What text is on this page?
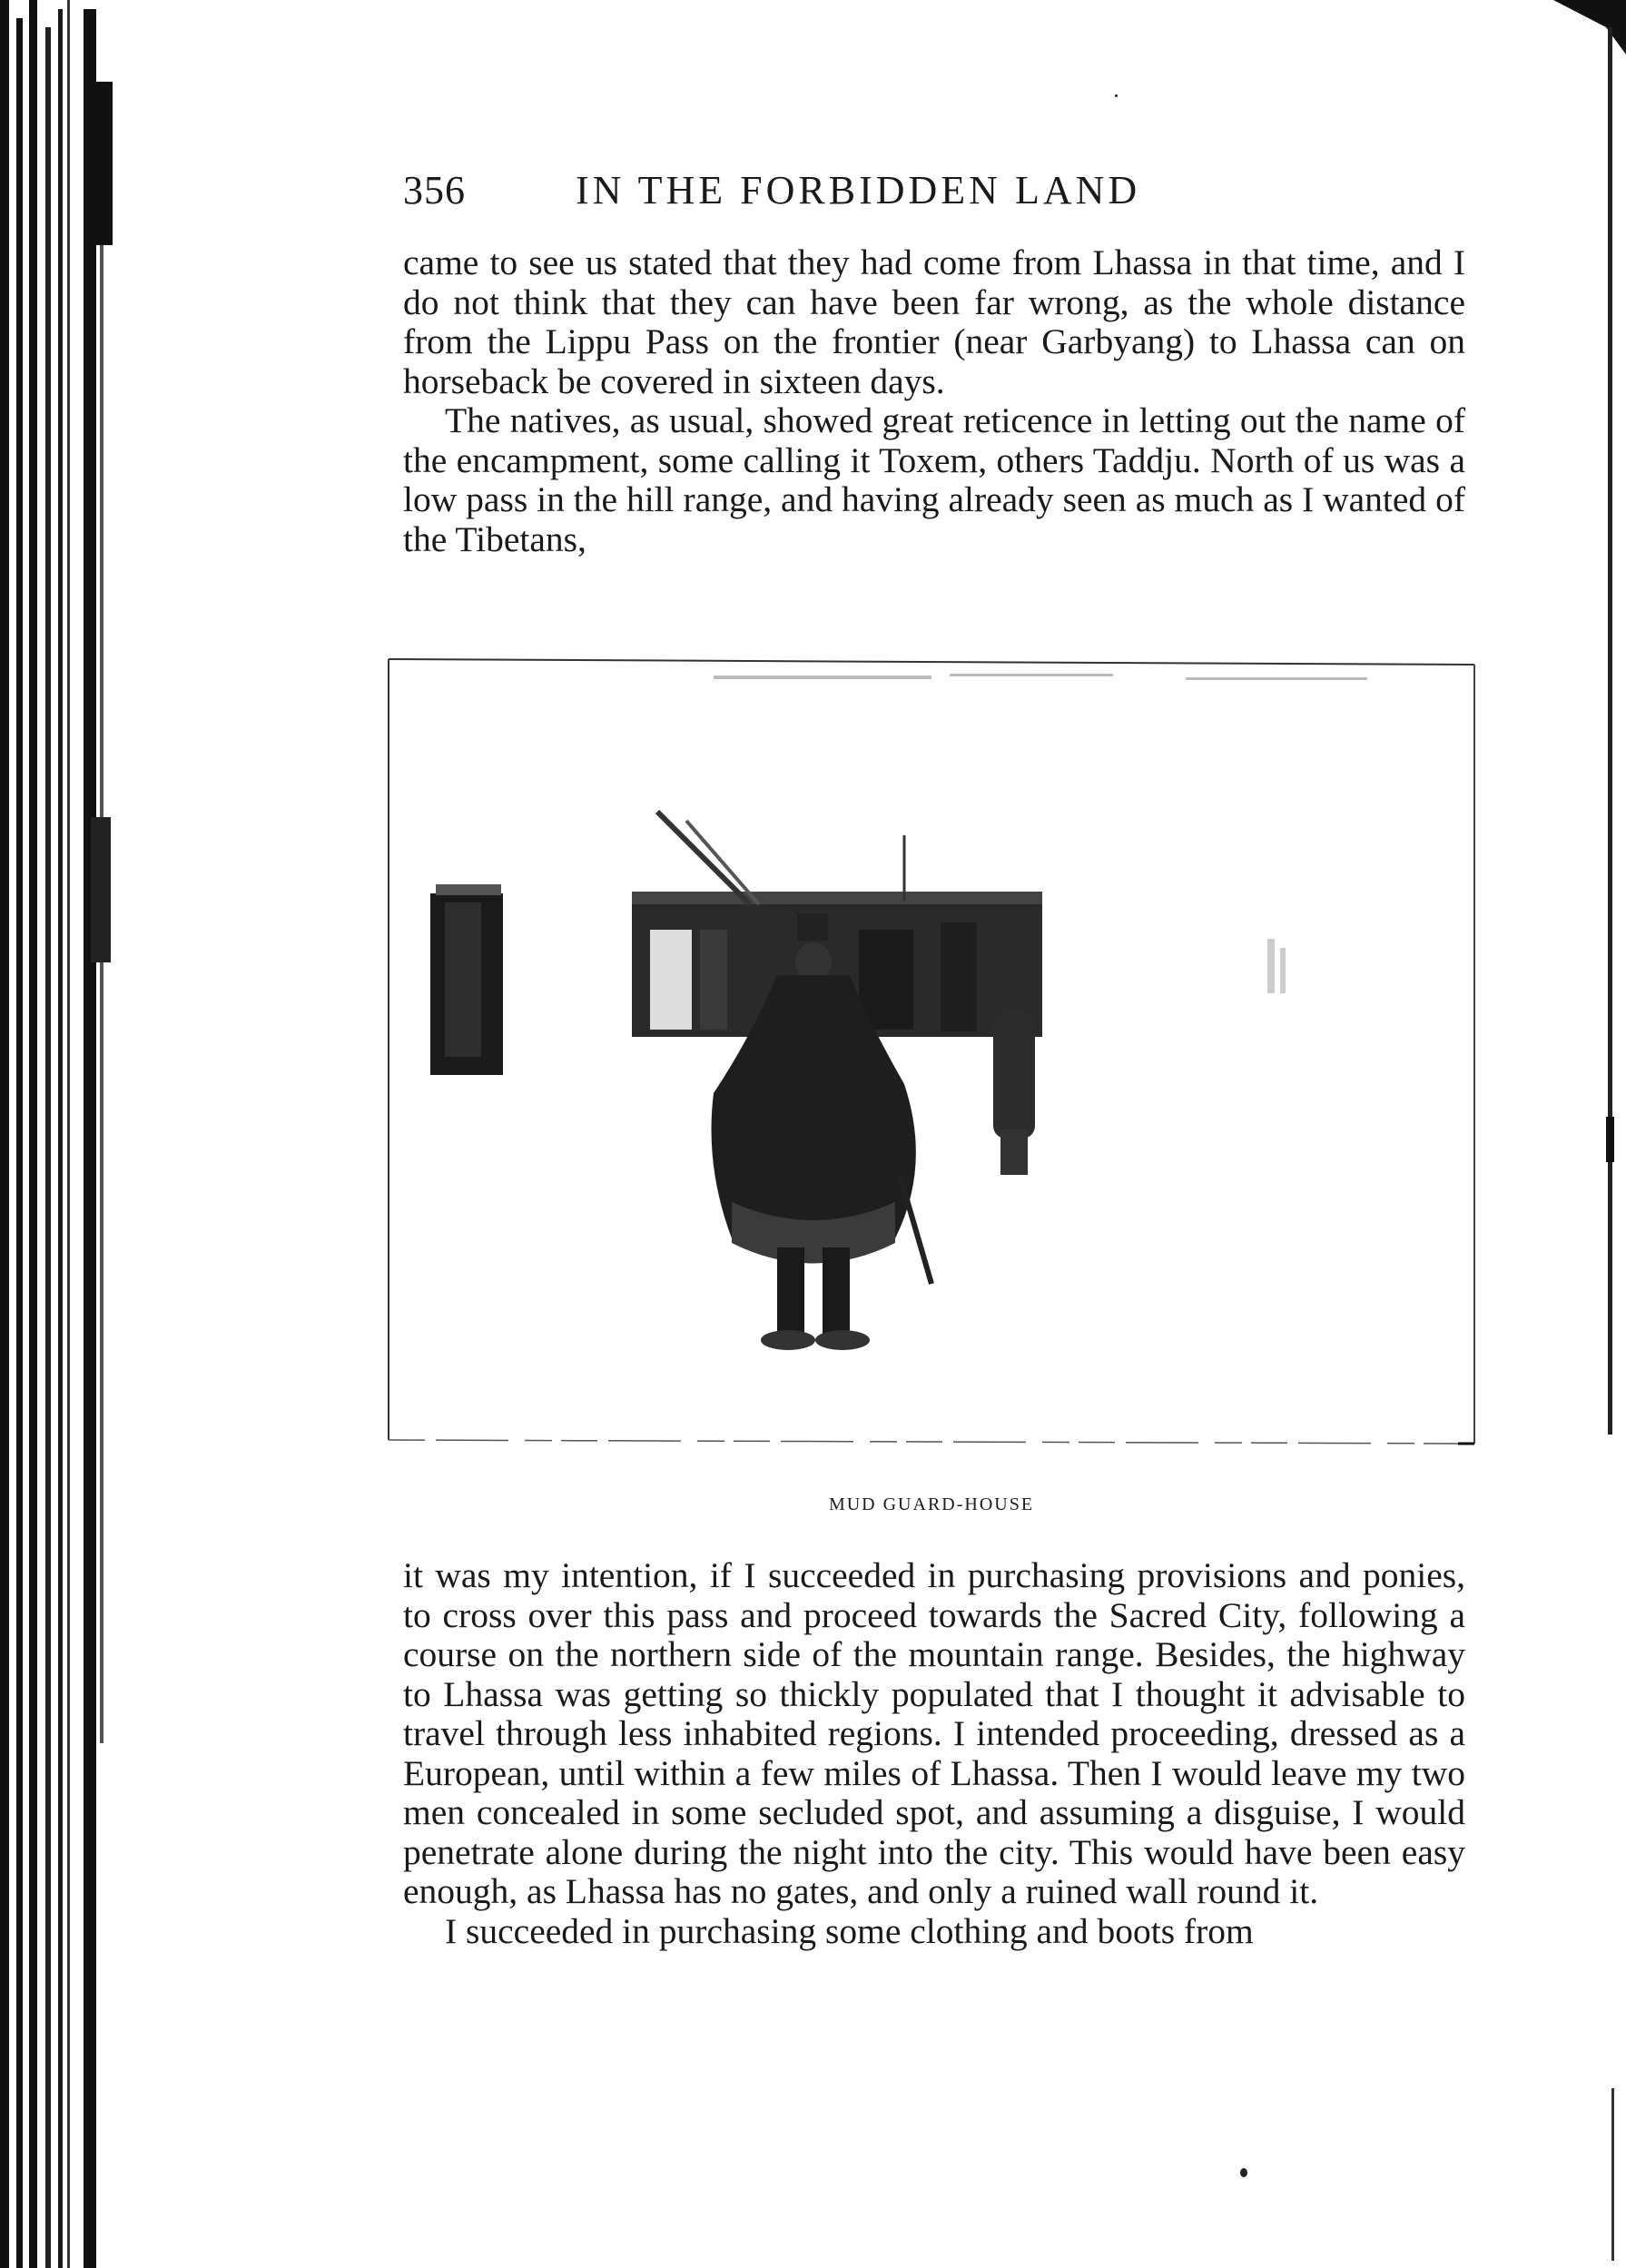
356	IN THE FORBIDDEN LAND

came to see us stated that they had come from Lhassa in that time, and I do not think that they can have been far wrong, as the whole distance from the Lippu Pass on the frontier (near Garbyang) to Lhassa can on horseback be covered in sixteen days.

The natives, as usual, showed great reticence in letting out the name of the encampment, some calling it Toxem, others Taddju. North of us was a low pass in the hill range, and having already seen as much as I wanted of the Tibetans,

MUD GUARD-HOUSE

it was my intention, if I succeeded in purchasing provisions and ponies, to cross over this pass and proceed towards the Sacred City, following a course on the northern side of the mountain range. Besides, the highway to Lhassa was getting so thickly populated that I thought it advisable to travel through less inhabited regions. I intended proceeding, dressed as a European, until within a few miles of Lhassa. Then I would leave my two men concealed in some secluded spot, and assuming a disguise, I would penetrate alone during the night into the city. This would have been easy enough, as Lhassa has no gates, and only a ruined wall round it.

I succeeded in purchasing some clothing and boots from
